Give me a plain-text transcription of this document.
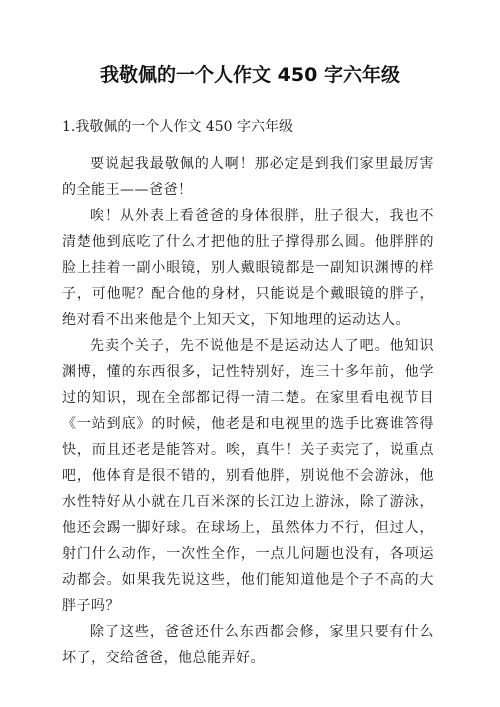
我敬佩的一个人作文 450 字六年级
1.我敬佩的一个人作文 450 字六年级

要说起我最敬佩的人啊！那必定是到我们家里最厉害的全能王——爸爸！

唉！从外表上看爸爸的身体很胖，肚子很大，我也不清楚他到底吃了什么才把他的肚子撑得那么圆。他胖胖的脸上挂着一副小眼镜，别人戴眼镜都是一副知识渊博的样子，可他呢？配合他的身材，只能说是个戴眼镜的胖子，绝对看不出来他是个上知天文，下知地理的运动达人。

先卖个关子，先不说他是不是运动达人了吧。他知识渊博，懂的东西很多，记性特别好，连三十多年前，他学过的知识，现在全部都记得一清二楚。在家里看电视节目《一站到底》的时候，他老是和电视里的选手比赛谁答得快，而且还老是能答对。唉，真牛！关子卖完了，说重点吧，他体育是很不错的，别看他胖，别说他不会游泳，他水性特好从小就在几百米深的长江边上游泳，除了游泳，他还会踢一脚好球。在球场上，虽然体力不行，但过人，射门什么动作，一次性全作，一点儿问题也没有，各项运动都会。如果我先说这些，他们能知道他是个子不高的大胖子吗？

除了这些，爸爸还什么东西都会修，家里只要有什么坏了，交给爸爸，他总能弄好。
